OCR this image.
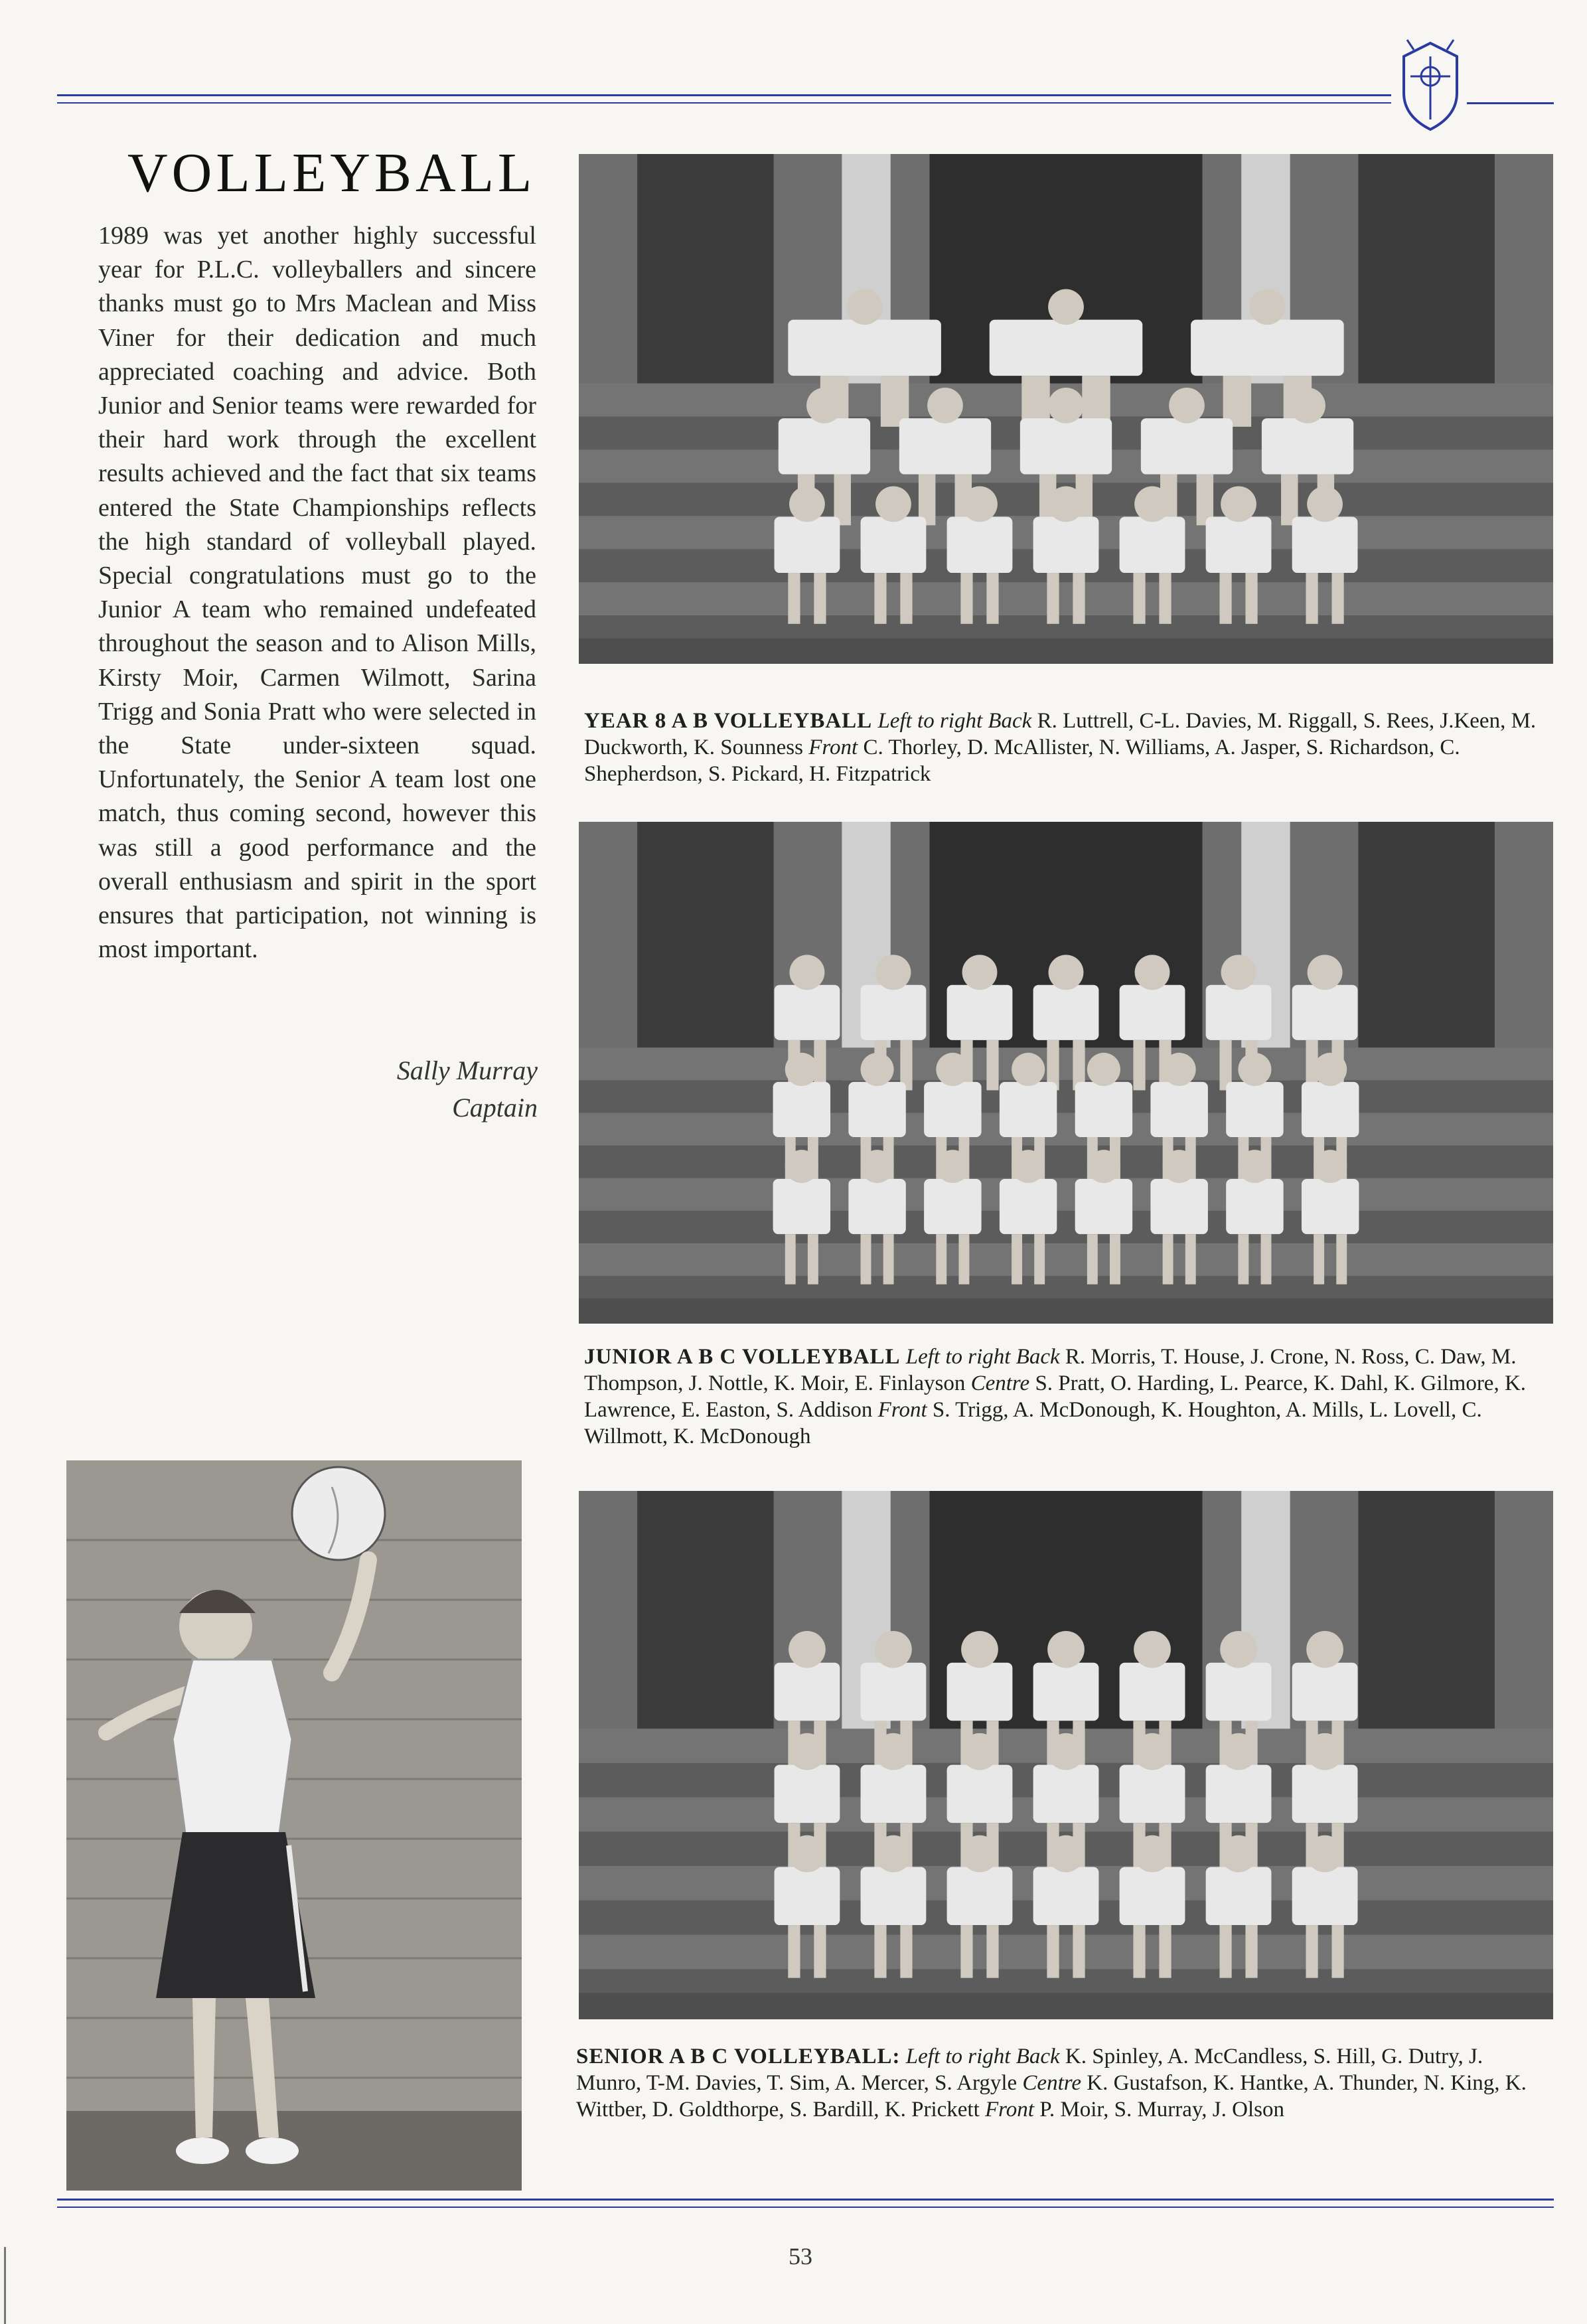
VOLLEYBALL

1989 was yet another highly successful year for P.L.C. volleyballers and sincere thanks must go to Mrs Maclean and Miss Viner for their dedication and much appreciated coaching and advice. Both Junior and Senior teams were rewarded for their hard work through the excellent results achieved and the fact that six teams entered the State Championships reflects the high standard of volleyball played. Special congratulations must go to the Junior A team who remained undefeated throughout the season and to Alison Mills, Kirsty Moir, Carmen Wilmott, Sarina Trigg and Sonia Pratt who were selected in the State under-sixteen squad. Unfortunately, the Senior A team lost one match, thus coming second, however this was still a good performance and the overall enthusiasm and spirit in the sport ensures that participation, not winning is most important.

Sally Murray
Captain

YEAR 8 A B VOLLEYBALL Left to right Back R. Luttrell, C-L. Davies, M. Riggall, S. Rees, J.Keen, M. Duckworth, K. Sounness Front C. Thorley, D. McAllister, N. Williams, A. Jasper, S. Richardson, C. Shepherdson, S. Pickard, H. Fitzpatrick

JUNIOR A B C VOLLEYBALL Left to right Back R. Morris, T. House, J. Crone, N. Ross, C. Daw, M. Thompson, J. Nottle, K. Moir, E. Finlayson Centre S. Pratt, O. Harding, L. Pearce, K. Dahl, K. Gilmore, K. Lawrence, E. Easton, S. Addison Front S. Trigg, A. McDonough, K. Houghton, A. Mills, L. Lovell, C. Willmott, K. McDonough

SENIOR A B C VOLLEYBALL: Left to right Back K. Spinley, A. McCandless, S. Hill, G. Dutry, J. Munro, T-M. Davies, T. Sim, A. Mercer, S. Argyle Centre K. Gustafson, K. Hantke, A. Thunder, N. King, K. Wittber, D. Goldthorpe, S. Bardill, K. Prickett Front P. Moir, S. Murray, J. Olson

53
